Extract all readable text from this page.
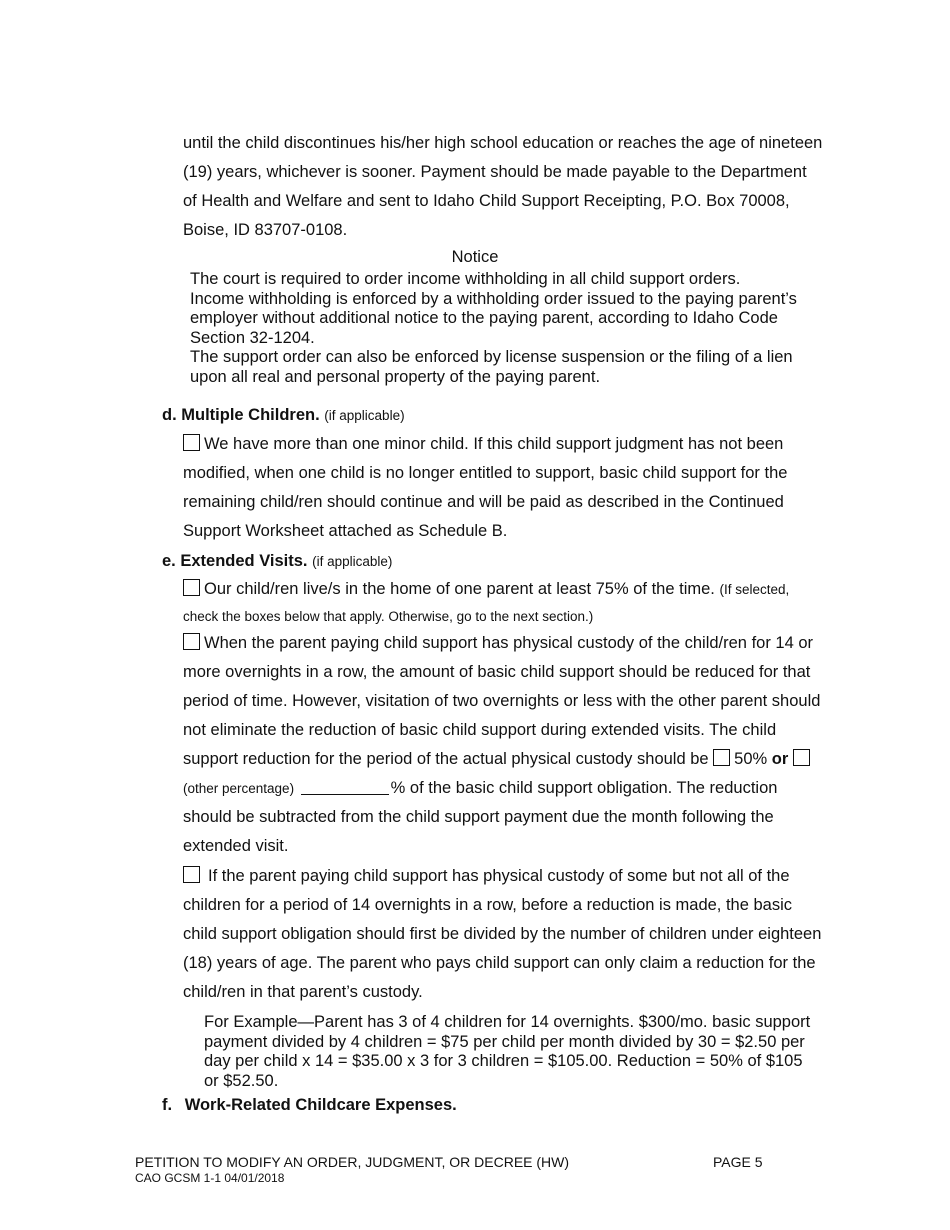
until the child discontinues his/her high school education or reaches the age of nineteen (19) years, whichever is sooner. Payment should be made payable to the Department of Health and Welfare and sent to Idaho Child Support Receipting, P.O. Box 70008, Boise, ID 83707-0108.
Notice
The court is required to order income withholding in all child support orders.
Income withholding is enforced by a withholding order issued to the paying parent’s employer without additional notice to the paying parent, according to Idaho Code Section 32-1204.
The support order can also be enforced by license suspension or the filing of a lien upon all real and personal property of the paying parent.
d. Multiple Children. (if applicable)
We have more than one minor child. If this child support judgment has not been modified, when one child is no longer entitled to support, basic child support for the remaining child/ren should continue and will be paid as described in the Continued Support Worksheet attached as Schedule B.
e. Extended Visits. (if applicable)
Our child/ren live/s in the home of one parent at least 75% of the time. (If selected, check the boxes below that apply. Otherwise, go to the next section.)
When the parent paying child support has physical custody of the child/ren for 14 or more overnights in a row, the amount of basic child support should be reduced for that period of time. However, visitation of two overnights or less with the other parent should not eliminate the reduction of basic child support during extended visits. The child support reduction for the period of the actual physical custody should be 50% or (other percentage)	% of the basic child support obligation. The reduction should be subtracted from the child support payment due the month following the extended visit.
If the parent paying child support has physical custody of some but not all of the children for a period of 14 overnights in a row, before a reduction is made, the basic child support obligation should first be divided by the number of children under eighteen (18) years of age. The parent who pays child support can only claim a reduction for the child/ren in that parent’s custody.
For Example—Parent has 3 of 4 children for 14 overnights. $300/mo. basic support payment divided by 4 children = $75 per child per month divided by 30 = $2.50 per day per child x 14 = $35.00 x 3 for 3 children = $105.00. Reduction = 50% of $105 or $52.50.
f. Work-Related Childcare Expenses.
PETITION TO MODIFY AN ORDER, JUDGMENT, OR DECREE (HW)
CAO GCSM 1-1 04/01/2018
PAGE 5
